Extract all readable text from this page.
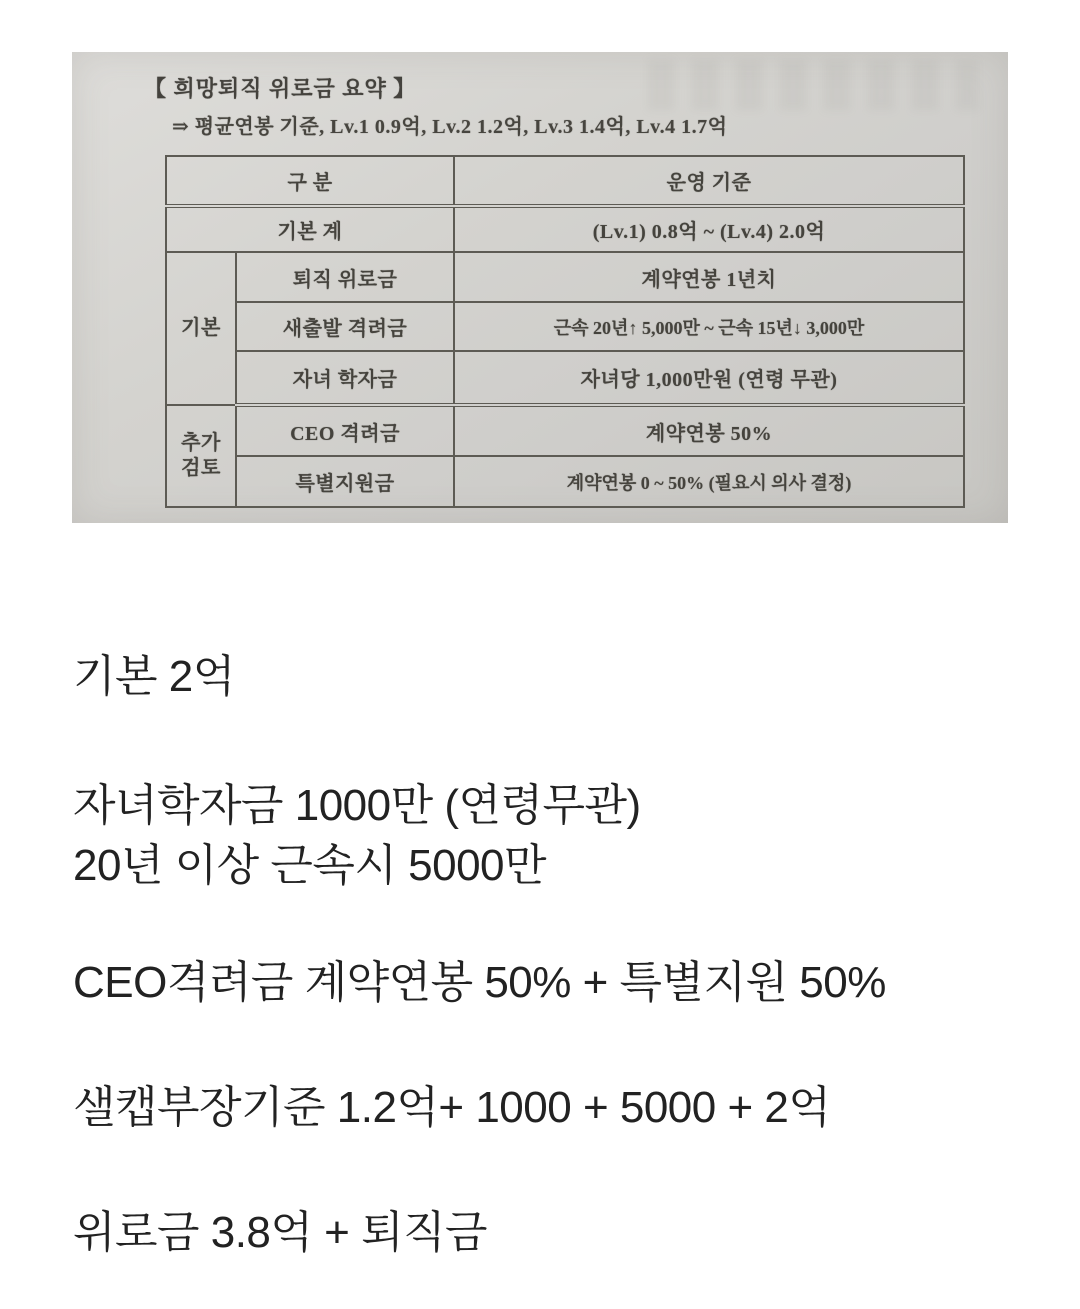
【 희망퇴직 위로금 요약 】
⇒ 평균연봉 기준, Lv.1 0.9억, Lv.2 1.2억, Lv.3 1.4억, Lv.4 1.7억
구 분		운영 기준
기본 계		(Lv.1) 0.8억 ~ (Lv.4) 2.0억
기본	퇴직 위로금	계약연봉 1년치
	새출발 격려금	근속 20년↑ 5,000만 ~ 근속 15년↓ 3,000만
	자녀 학자금	자녀당 1,000만원 (연령 무관)
추가 검토	CEO 격려금	계약연봉 50%
	특별지원금	계약연봉 0 ~ 50% (필요시 의사 결정)

기본 2억

자녀학자금 1000만 (연령무관)
20년 이상 근속시 5000만

CEO격려금 계약연봉 50% + 특별지원 50%

샐캡부장기준 1.2억+ 1000 + 5000 + 2억

위로금 3.8억 + 퇴직금
